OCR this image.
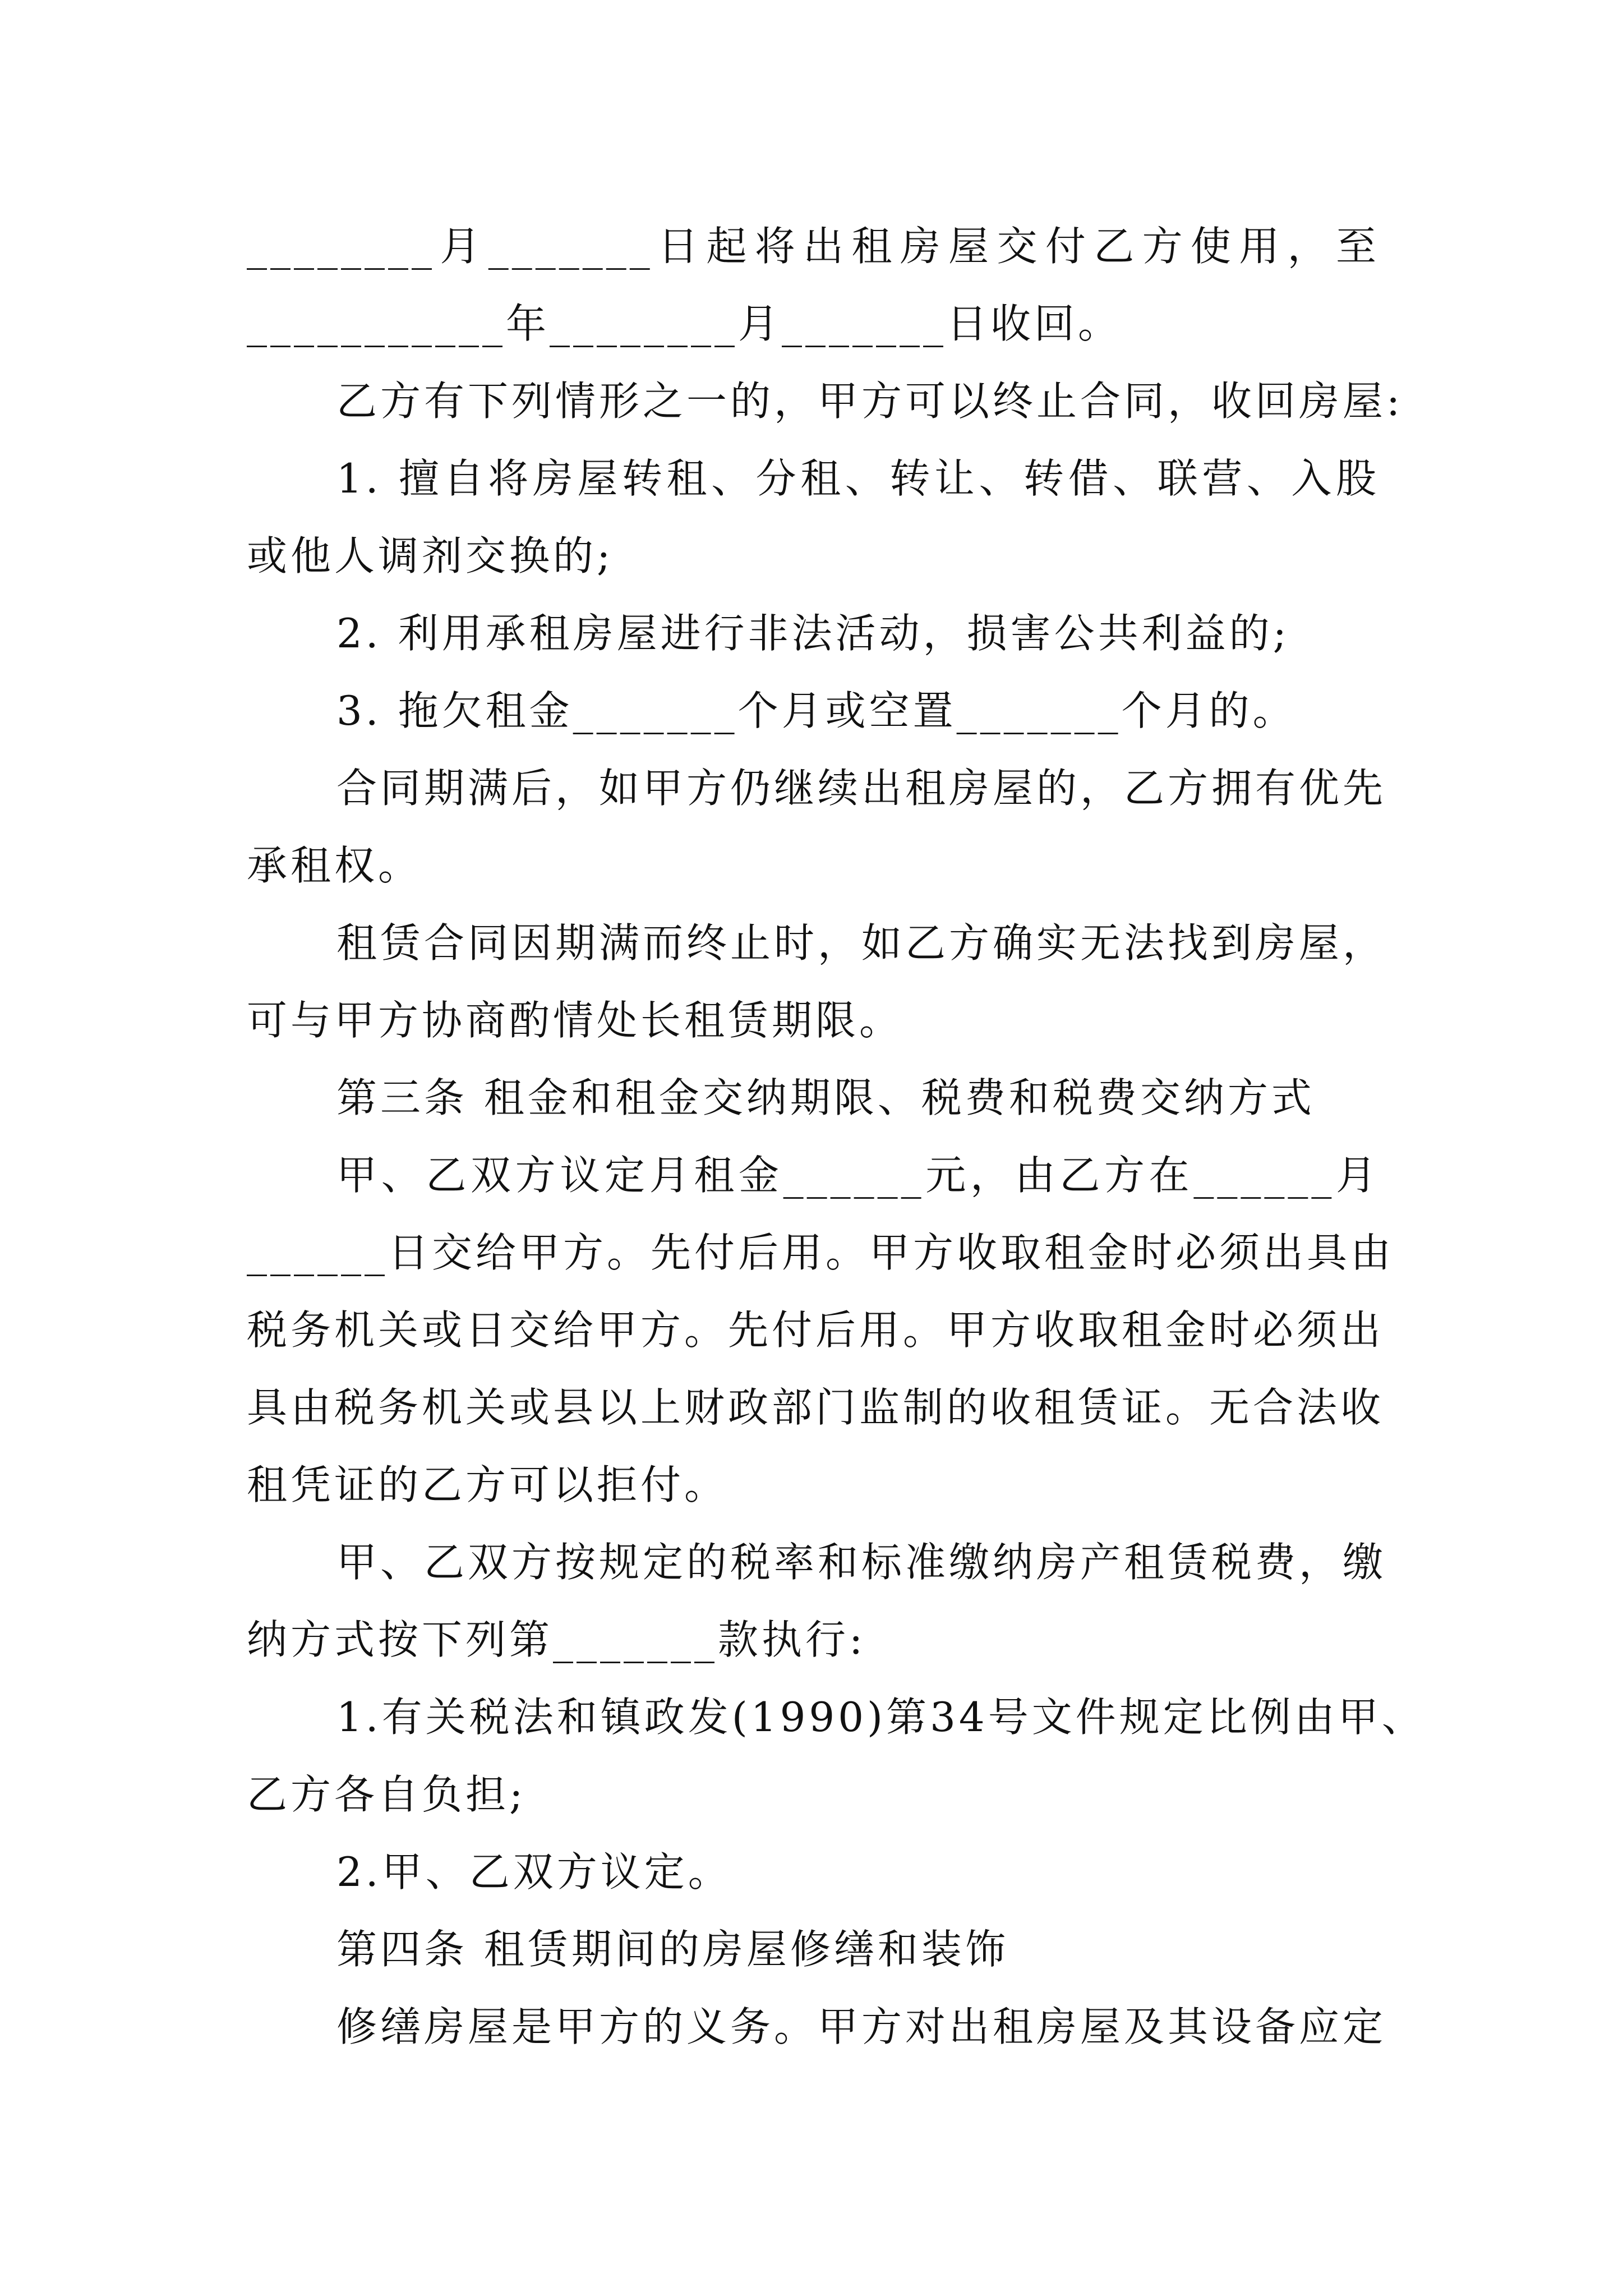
________月_______日起将出租房屋交付乙方使用，至
___________年________月_______日收回。
乙方有下列情形之一的，甲方可以终止合同，收回房屋:
1. 擅自将房屋转租、分租、转让、转借、联营、入股
或他人调剂交换的;
2. 利用承租房屋进行非法活动，损害公共利益的;
3. 拖欠租金_______个月或空置_______个月的。
合同期满后，如甲方仍继续出租房屋的，乙方拥有优先
承租权。
租赁合同因期满而终止时，如乙方确实无法找到房屋，
可与甲方协商酌情处长租赁期限。
第三条 租金和租金交纳期限、税费和税费交纳方式
甲、乙双方议定月租金______元，由乙方在______月
______日交给甲方。先付后用。甲方收取租金时必须出具由
税务机关或日交给甲方。先付后用。甲方收取租金时必须出
具由税务机关或县以上财政部门监制的收租赁证。无合法收
租凭证的乙方可以拒付。
甲、乙双方按规定的税率和标准缴纳房产租赁税费，缴
纳方式按下列第_______款执行:
1.有关税法和镇政发(1990)第34号文件规定比例由甲、
乙方各自负担;
2.甲、乙双方议定。
第四条 租赁期间的房屋修缮和装饰
修缮房屋是甲方的义务。甲方对出租房屋及其设备应定
